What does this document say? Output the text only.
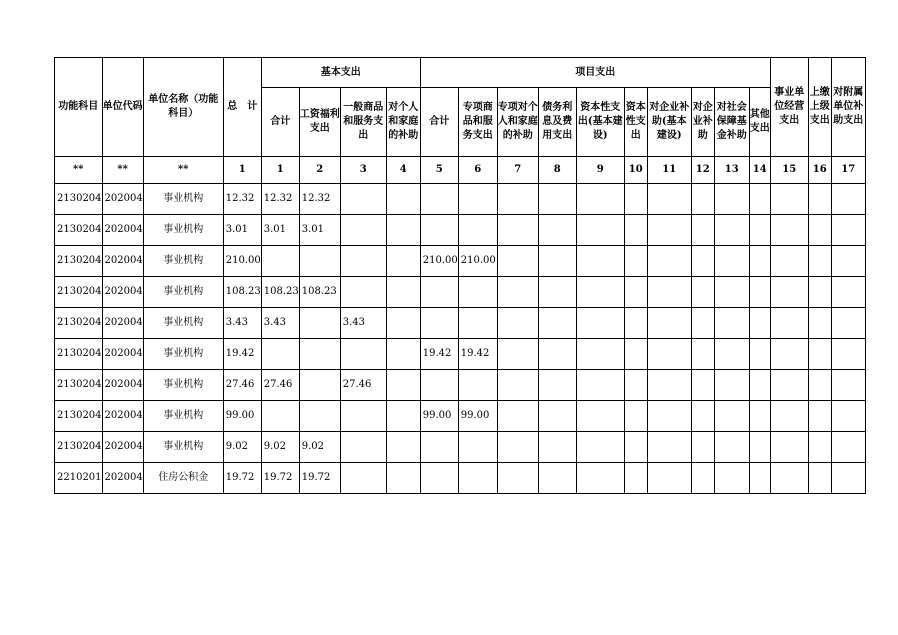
功能科目	单位代码	单位名称（功能科目）	总　计	基本支出				项目支出										事业单位经营支出	上缴上级支出	对附属单位补助支出
				合计	工资福利支出	一般商品和服务支出	对个人和家庭的补助	合计	专项商品和服务支出	专项对个人和家庭的补助	债务利息及费用支出	资本性支出(基本建设)	资本性支出	对企业补助(基本建设)	对企业补助	对社会保障基金补助	其他支出			
**	**	**	1	1	2	3	4	5	6	7	8	9	10	11	12	13	14	15	16	17
2130204	202004	事业机构	12.32	12.32	12.32															
2130204	202004	事业机构	3.01	3.01	3.01															
2130204	202004	事业机构	210.00					210.00	210.00											
2130204	202004	事业机构	108.23	108.23	108.23															
2130204	202004	事业机构	3.43	3.43		3.43														
2130204	202004	事业机构	19.42					19.42	19.42											
2130204	202004	事业机构	27.46	27.46		27.46														
2130204	202004	事业机构	99.00					99.00	99.00											
2130204	202004	事业机构	9.02	9.02	9.02															
2210201	202004	住房公积金	19.72	19.72	19.72															
